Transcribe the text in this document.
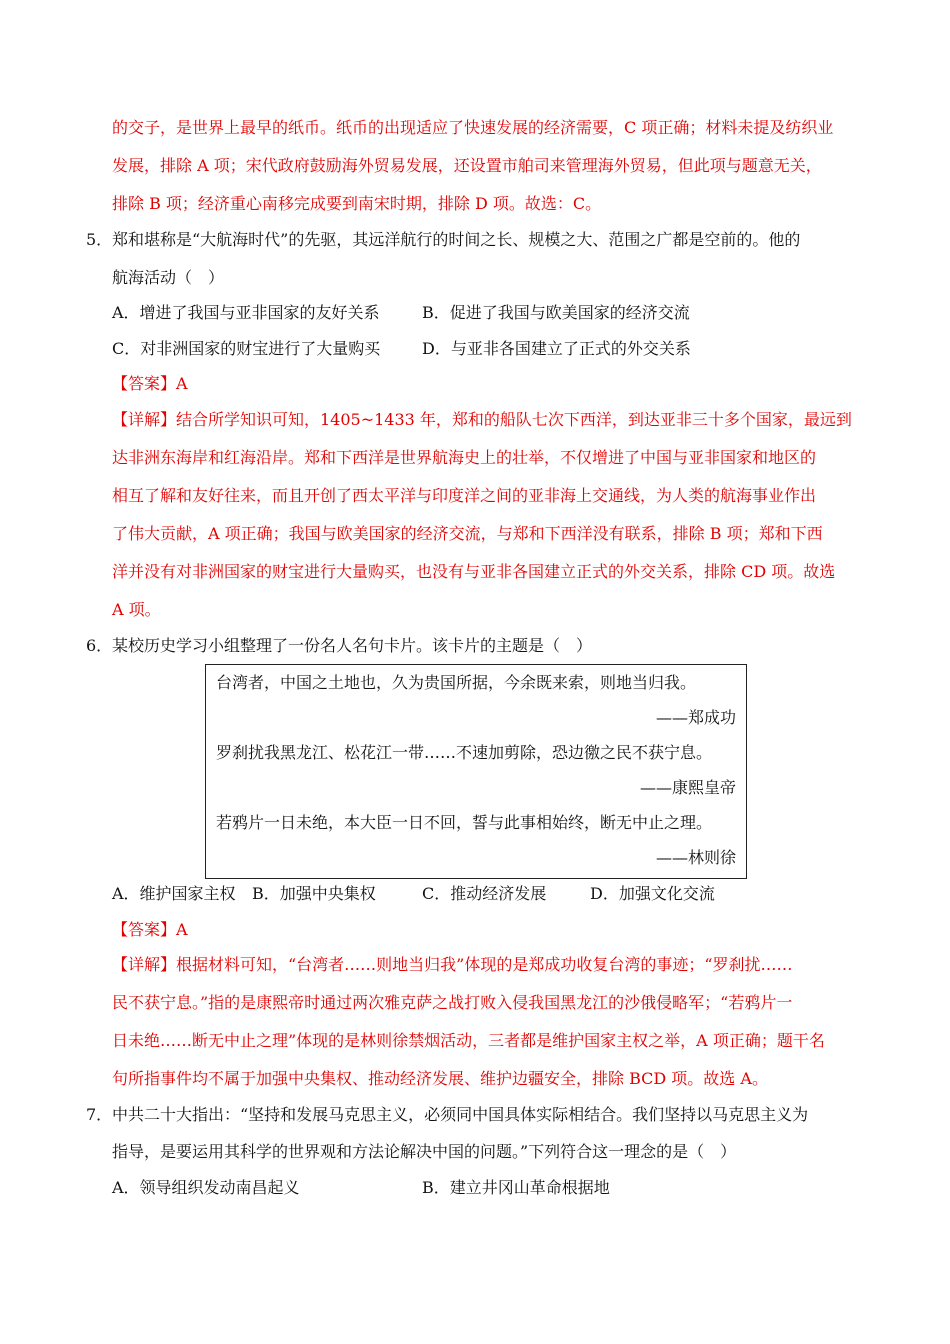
的交子，是世界上最早的纸币。纸币的出现适应了快速发展的经济需要，C 项正确；材料未提及纺织业
发展，排除 A 项；宋代政府鼓励海外贸易发展，还设置市舶司来管理海外贸易，但此项与题意无关，
排除 B 项；经济重心南移完成要到南宋时期，排除 D 项。故选：C。
5． 郑和堪称是“大航海时代”的先驱，其远洋航行的时间之长、规模之大、范围之广都是空前的。他的
航海活动（　）
A．增进了我国与亚非国家的友好关系	B．促进了我国与欧美国家的经济交流
C．对非洲国家的财宝进行了大量购买	D．与亚非各国建立了正式的外交关系
【答案】A
【详解】结合所学知识可知，1405~1433 年，郑和的船队七次下西洋，到达亚非三十多个国家，最远到
达非洲东海岸和红海沿岸。郑和下西洋是世界航海史上的壮举，不仅增进了中国与亚非国家和地区的
相互了解和友好往来，而且开创了西太平洋与印度洋之间的亚非海上交通线，为人类的航海事业作出
了伟大贡献，A 项正确；我国与欧美国家的经济交流，与郑和下西洋没有联系，排除 B 项；郑和下西
洋并没有对非洲国家的财宝进行大量购买，也没有与亚非各国建立正式的外交关系，排除 CD 项。故选
A 项。
6． 某校历史学习小组整理了一份名人名句卡片。该卡片的主题是（　）
台湾者，中国之土地也，久为贵国所据，今余既来索，则地当归我。
——郑成功
罗刹扰我黑龙江、松花江一带……不速加剪除，恐边徼之民不获宁息。
——康熙皇帝
若鸦片一日未绝，本大臣一日不回，誓与此事相始终，断无中止之理。
——林则徐
A．维护国家主权 B．加强中央集权	C．推动经济发展	D．加强文化交流
【答案】A
【详解】根据材料可知，“台湾者……则地当归我”体现的是郑成功收复台湾的事迹；“罗刹扰……
民不获宁息。”指的是康熙帝时通过两次雅克萨之战打败入侵我国黑龙江的沙俄侵略军；“若鸦片一
日未绝……断无中止之理”体现的是林则徐禁烟活动，三者都是维护国家主权之举，A 项正确；题干名
句所指事件均不属于加强中央集权、推动经济发展、维护边疆安全，排除 BCD 项。故选 A。
7． 中共二十大指出：“坚持和发展马克思主义，必须同中国具体实际相结合。我们坚持以马克思主义为
指导，是要运用其科学的世界观和方法论解决中国的问题。”下列符合这一理念的是（　）
A．领导组织发动南昌起义	B．建立井冈山革命根据地
